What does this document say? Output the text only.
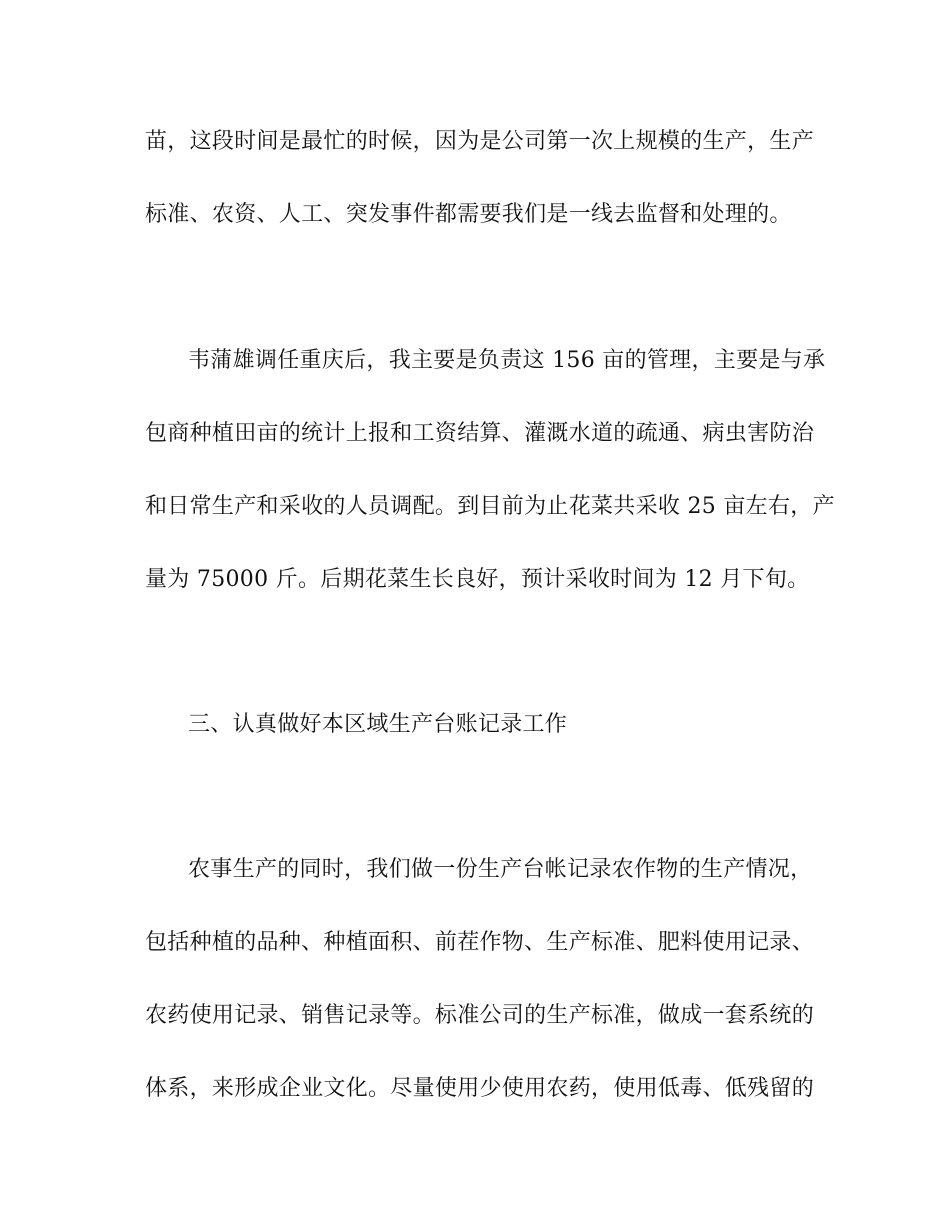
苗，这段时间是最忙的时候，因为是公司第一次上规模的生产，生产
标准、农资、人工、突发事件都需要我们是一线去监督和处理的。
韦蒲雄调任重庆后，我主要是负责这 156 亩的管理，主要是与承
包商种植田亩的统计上报和工资结算、灌溉水道的疏通、病虫害防治
和日常生产和采收的人员调配。到目前为止花菜共采收 25 亩左右，产
量为 75000 斤。后期花菜生长良好，预计采收时间为 12 月下旬。
三、认真做好本区域生产台账记录工作
农事生产的同时，我们做一份生产台帐记录农作物的生产情况，
包括种植的品种、种植面积、前茬作物、生产标准、肥料使用记录、
农药使用记录、销售记录等。标准公司的生产标准，做成一套系统的
体系，来形成企业文化。尽量使用少使用农药，使用低毒、低残留的
